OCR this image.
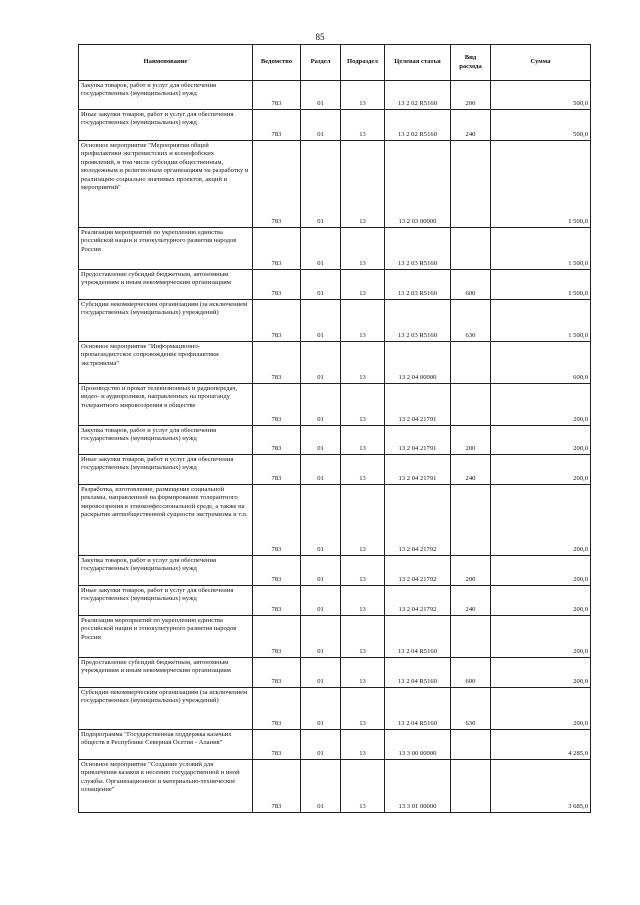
85
Наименование	Ведомство	Раздел	Подраздел	Целевая статья	Вид расхода	Сумма
Закупка товаров, работ и услуг для обеспечения государственных (муниципальных) нужд	783	01	13	13 2 02 R5160	200	500,0
Иные закупки товаров, работ и услуг для обеспечения государственных (муниципальных) нужд	783	01	13	13 2 02 R5160	240	500,0
Основное мероприятие "Мероприятия общей профилактики экстремистских и ксенофобских проявлений, в том числе субсидии общественным, молодежным и религиозным организациям на разработку и реализацию социально значимых проектов, акций и мероприятий"	783	01	13	13 2 03 00000		1 500,0
Реализация мероприятий по укреплению единства российской нации и этнокультурного развития народов России	783	01	13	13 2 03 R5160		1 500,0
Предоставление субсидий бюджетным, автономным учреждениям и иным некоммерческим организациям	783	01	13	13 2 03 R5160	600	1 500,0
Субсидии некоммерческим организациям (за исключением государственных (муниципальных) учреждений)	783	01	13	13 2 03 R5160	630	1 500,0
Основное мероприятие "Информационно-пропагандистское сопровождение профилактики экстремизма"	783	01	13	13 2 04 00000		600,0
Производство и прокат телевизионных и радиопередач, видео- и аудиороликов, направленных на пропаганду толерантного мировоззрения в обществе	783	01	13	13 2 04 21791		200,0
Закупка товаров, работ и услуг для обеспечения государственных (муниципальных) нужд	783	01	13	13 2 04 21791	200	200,0
Иные закупки товаров, работ и услуг для обеспечения государственных (муниципальных) нужд	783	01	13	13 2 04 21791	240	200,0
Разработка, изготовление, размещение социальной рекламы, направленной на формирование толерантного мировоззрения в этноконфессиональной среде, а также на раскрытие антиобщественной сущности экстремизма и т.п.	783	01	13	13 2 04 21792		200,0
Закупка товаров, работ и услуг для обеспечения государственных (муниципальных) нужд	783	01	13	13 2 04 21792	200	200,0
Иные закупки товаров, работ и услуг для обеспечения государственных (муниципальных) нужд	783	01	13	13 2 04 21792	240	200,0
Реализация мероприятий по укреплению единства российской нации и этнокультурного развития народов России	783	01	13	13 2 04 R5160		200,0
Предоставление субсидий бюджетным, автономным учреждениям и иным некоммерческим организациям	783	01	13	13 2 04 R5160	600	200,0
Субсидии некоммерческим организациям (за исключением государственных (муниципальных) учреждений)	783	01	13	13 2 04 R5160	630	200,0
Подпрограмма "Государственная поддержка казачьих обществ в Республике Северная Осетия - Алания"	783	01	13	13 3 00 00000		4 285,0
Основное мероприятие "Создание условий для привлечения казаков к несению государственной и иной службы. Организационное и материально-техническое оснащение"	783	01	13	13 3 01 00000		3 685,0
